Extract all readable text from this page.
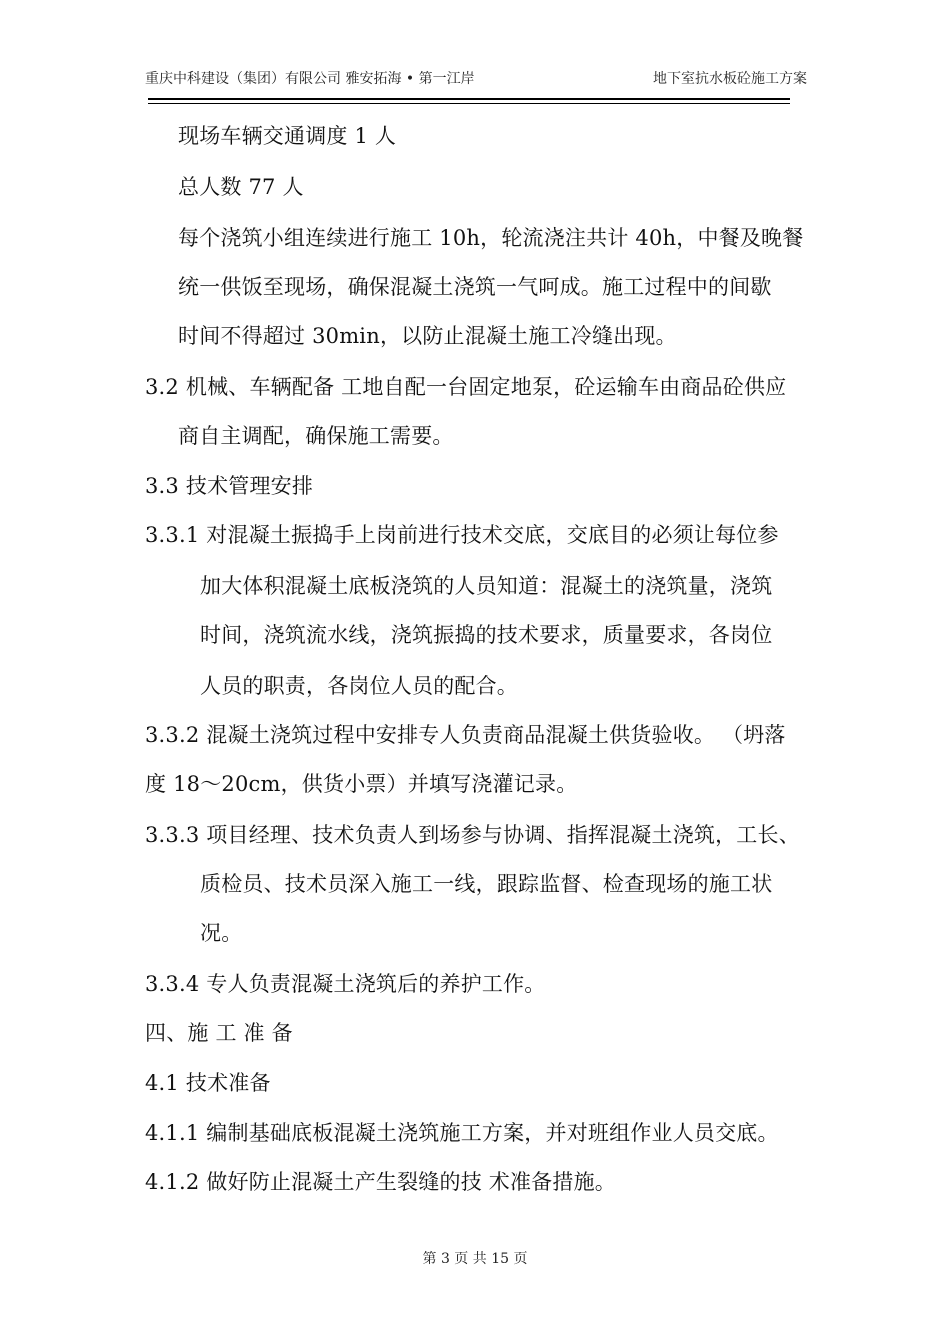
重庆中科建设（集团）有限公司 雅安拓海 • 第一江岸	地下室抗水板砼施工方案
现场车辆交通调度 1 人
总人数 77 人
每个浇筑小组连续进行施工 10h，轮流浇注共计 40h，中餐及晚餐
统一供饭至现场，确保混凝土浇筑一气呵成。施工过程中的间歇
时间不得超过 30min，以防止混凝土施工冷缝出现。
3.2 机械、车辆配备 工地自配一台固定地泵，砼运输车由商品砼供应
商自主调配，确保施工需要。
3.3 技术管理安排
3.3.1 对混凝土振捣手上岗前进行技术交底，交底目的必须让每位参
加大体积混凝土底板浇筑的人员知道：混凝土的浇筑量，浇筑
时间，浇筑流水线，浇筑振捣的技术要求，质量要求，各岗位
人员的职责，各岗位人员的配合。
3.3.2 混凝土浇筑过程中安排专人负责商品混凝土供货验收。 （坍落
度 18～20cm，供货小票）并填写浇灌记录。
3.3.3 项目经理、技术负责人到场参与协调、指挥混凝土浇筑，工长、
质检员、技术员深入施工一线，跟踪监督、检查现场的施工状
况。
3.3.4 专人负责混凝土浇筑后的养护工作。
四、施 工 准 备
4.1 技术准备
4.1.1 编制基础底板混凝土浇筑施工方案，并对班组作业人员交底。
4.1.2 做好防止混凝土产生裂缝的技 术准备措施。
第 3 页 共 15 页
